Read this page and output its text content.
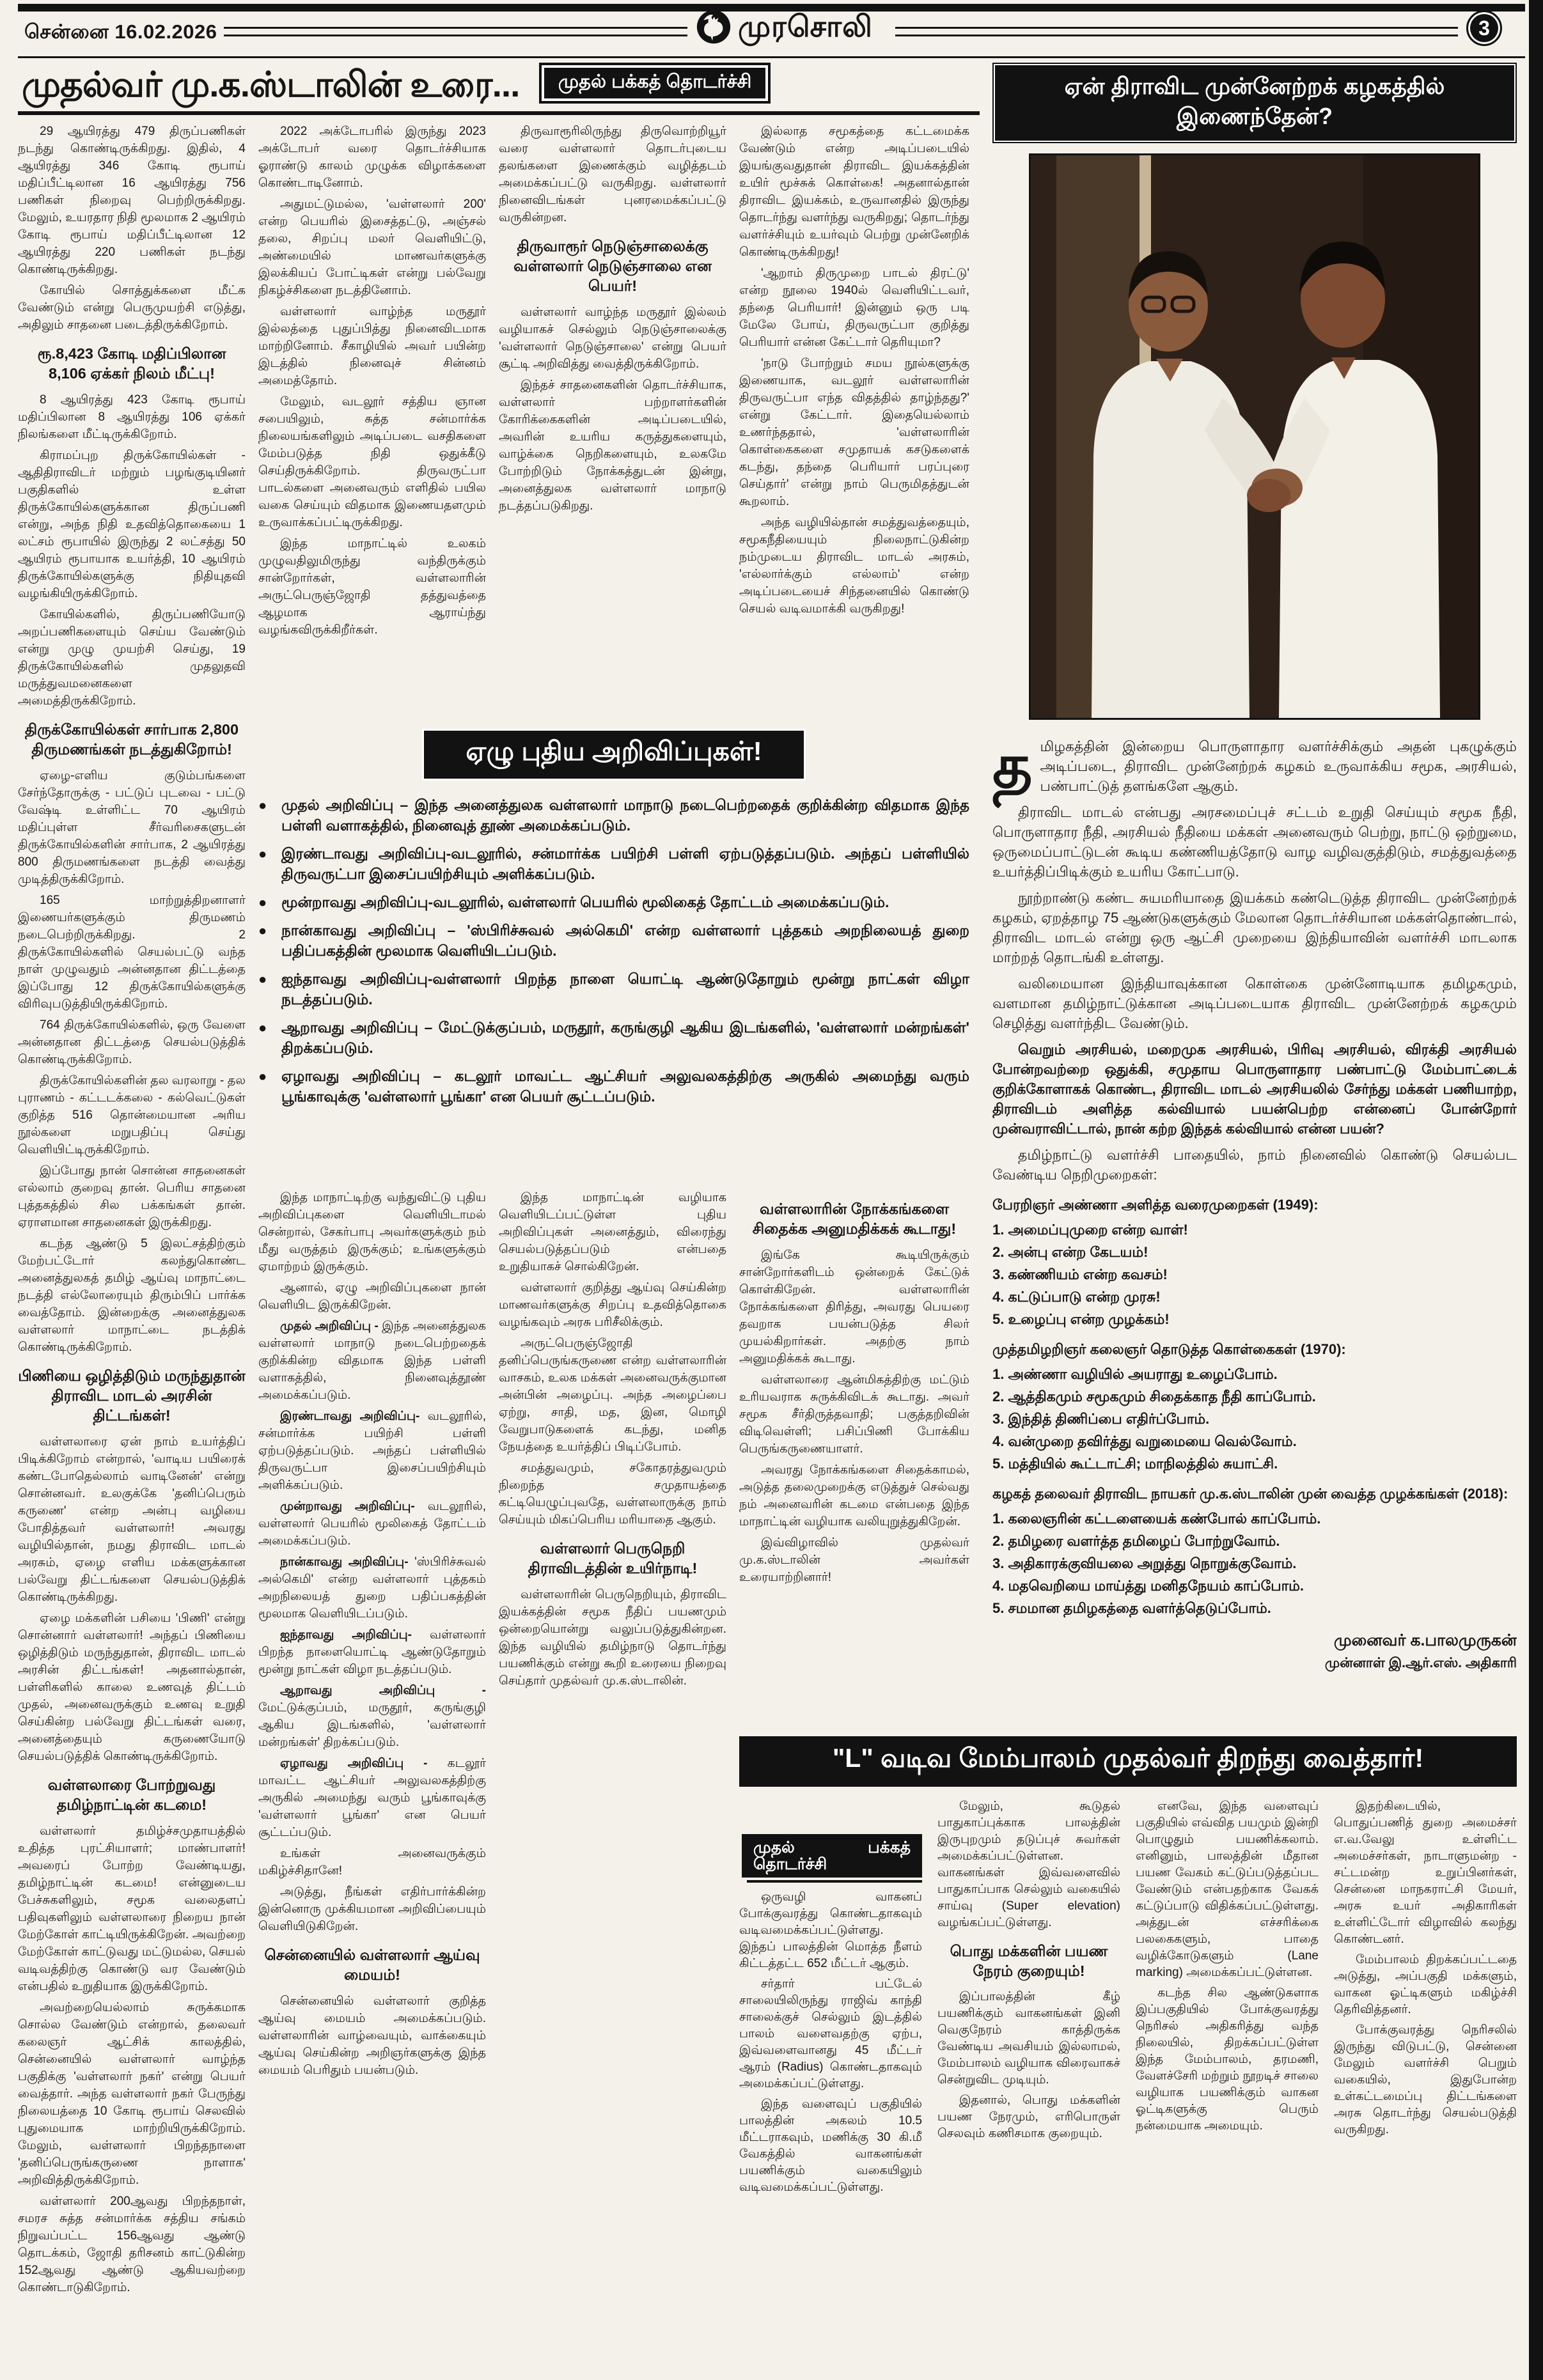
சென்னை 16.02.2026	முரசொலி	3
முதல்வர் மு.க.ஸ்டாலின் உரை... முதல் பக்கத் தொடர்ச்சி
29 ஆயிரத்து 479 திருப்பணிகள் நடந்து கொண்டிருக்கிறது. இதில், 4 ஆயிரத்து 346 கோடி ரூபாய் மதிப்பீட்டிலான 16 ஆயிரத்து 756 பணிகள் நிறைவு பெற்றிருக்கிறது. மேலும், உயரதார நிதி மூலமாக 2 ஆயிரம் கோடி ரூபாய் மதிப்பீட்டிலான 12 ஆயிரத்து 220 பணிகள் நடந்து கொண்டிருக்கிறது.
கோயில் சொத்துக்களை மீட்க வேண்டும் என்று பெருமுயற்சி எடுத்து, அதிலும் சாதனை படைத்திருக்கிறோம்.
ரூ.8,423 கோடி மதிப்பிலான 8,106 ஏக்கர் நிலம் மீட்பு!
8 ஆயிரத்து 423 கோடி ரூபாய் மதிப்பிலான 8 ஆயிரத்து 106 ஏக்கர் நிலங்களை மீட்டிருக்கிறோம்.
கிராமப்புற திருக்கோயில்கள் - ஆதிதிராவிடர் மற்றும் பழங்குடியினர் பகுதிகளில் உள்ள திருக்கோயில்களுக்கான திருப்பணி என்று, அந்த நிதி உதவித்தொகையை 1 லட்சம் ரூபாயில் இருந்து 2 லட்சத்து 50 ஆயிரம் ரூபாயாக உயர்த்தி, 10 ஆயிரம் திருக்கோயில்களுக்கு நிதியுதவி வழங்கியிருக்கிறோம்.
கோயில்களில், திருப்பணியோடு அறப்பணிகளையும் செய்ய வேண்டும் என்று முழு முயற்சி செய்து, 19 திருக்கோயில்களில் முதலுதவி மருத்துவமனைகளை அமைத்திருக்கிறோம்.
திருக்கோயில்கள் சார்பாக 2,800 திருமணங்கள் நடத்துகிறோம்!
ஏழை-எளிய குடும்பங்களை சேர்ந்தோருக்கு - பட்டுப் புடவை - பட்டு வேஷ்டி உள்ளிட்ட 70 ஆயிரம் மதிப்புள்ள சீர்வரிசைகளுடன் திருக்கோயில்களின் சார்பாக, 2 ஆயிரத்து 800 திருமணங்களை நடத்தி வைத்து முடித்திருக்கிறோம்.
165 மாற்றுத்திறனாளர் இணையர்களுக்கும் திருமணம் நடைபெற்றிருக்கிறது. 2 திருக்கோயில்களில் செயல்பட்டு வந்த நாள் முழுவதும் அன்னதான திட்டத்தை இப்போது 12 திருக்கோயில்களுக்கு விரிவுபடுத்தியிருக்கிறோம்.
764 திருக்கோயில்களில், ஒரு வேளை அன்னதான திட்டத்தை செயல்படுத்திக் கொண்டிருக்கிறோம்.
திருக்கோயில்களின் தல வரலாறு - தல புராணம் - கட்டடக்கலை - கல்வெட்டுகள் குறித்த 516 தொன்மையான அரிய நூல்களை மறுபதிப்பு செய்து வெளியிட்டிருக்கிறோம்.
இப்போது நான் சொன்ன சாதனைகள் எல்லாம் குறைவு தான். பெரிய சாதனை புத்தகத்தில் சில பக்கங்கள் தான். ஏராளமான சாதனைகள் இருக்கிறது.
கடந்த ஆண்டு 5 இலட்சத்திற்கும் மேற்பட்டோர் கலந்துகொண்ட அனைத்துலகத் தமிழ் ஆய்வு மாநாட்டை நடத்தி எல்லோரையும் திரும்பிப் பார்க்க வைத்தோம். இன்றைக்கு அனைத்துலக வள்ளலார் மாநாட்டை நடத்திக் கொண்டிருக்கிறோம்.
பிணியை ஒழித்திடும் மருந்துதான் திராவிட மாடல் அரசின் திட்டங்கள்!
வள்ளலாரை ஏன் நாம் உயர்த்திப் பிடிக்கிறோம் என்றால், 'வாடிய பயிரைக் கண்டபோதெல்லாம் வாடினேன்' என்று சொன்னவர். உலகுக்கே 'தனிப்பெரும் கருணை' என்ற அன்பு வழியை போதித்தவர் வள்ளலார்! அவரது வழியில்தான், நமது திராவிட மாடல் அரசும், ஏழை எளிய மக்களுக்கான பல்வேறு திட்டங்களை செயல்படுத்திக் கொண்டிருக்கிறது.
ஏழை மக்களின் பசியை 'பிணி' என்று சொன்னார் வள்ளலார்! அந்தப் பிணியை ஒழித்திடும் மருந்துதான், திராவிட மாடல் அரசின் திட்டங்கள்! அதனால்தான், பள்ளிகளில் காலை உணவுத் திட்டம் முதல், அனைவருக்கும் உணவு உறுதி செய்கின்ற பல்வேறு திட்டங்கள் வரை, அனைத்தையும் கருணையோடு செயல்படுத்திக் கொண்டிருக்கிறோம்.
வள்ளலாரை போற்றுவது தமிழ்நாட்டின் கடமை!
வள்ளலார் தமிழ்ச்சமுதாயத்தில் உதித்த புரட்சியாளர்; மாண்பாளர்! அவரைப் போற்ற வேண்டியது, தமிழ்நாட்டின் கடமை! என்னுடைய பேச்சுகளிலும், சமூக வலைதளப் பதிவுகளிலும் வள்ளலாரை நிறைய நான் மேற்கோள் காட்டியிருக்கிறேன். அவற்றை மேற்கோள் காட்டுவது மட்டுமல்ல, செயல் வடிவத்திற்கு கொண்டு வர வேண்டும் என்பதில் உறுதியாக இருக்கிறோம்.
அவற்றையெல்லாம் சுருக்கமாக சொல்ல வேண்டும் என்றால், தலைவர் கலைஞர் ஆட்சிக் காலத்தில், சென்னையில் வள்ளலார் வாழ்ந்த பகுதிக்கு 'வள்ளலார் நகர்' என்று பெயர் வைத்தார். அந்த வள்ளலார் நகர் பேருந்து நிலையத்தை 10 கோடி ரூபாய் செலவில் புதுமையாக மாற்றியிருக்கிறோம். மேலும், வள்ளலார் பிறந்தநாளை 'தனிப்பெருங்கருணை நாளாக' அறிவித்திருக்கிறோம்.
வள்ளலார் 200ஆவது பிறந்தநாள், சமரச சுத்த சன்மார்க்க சத்திய சங்கம் நிறுவப்பட்ட 156ஆவது ஆண்டு தொடக்கம், ஜோதி தரிசனம் காட்டுகின்ற 152ஆவது ஆண்டு ஆகியவற்றை கொண்டாடுகிறோம்.
2022 அக்டோபரில் இருந்து 2023 அக்டோபர் வரை தொடர்ச்சியாக ஓராண்டு காலம் முழுக்க விழாக்களை கொண்டாடினோம்.
அதுமட்டுமல்ல, 'வள்ளலார் 200' என்ற பெயரில் இசைத்தட்டு, அஞ்சல் தலை, சிறப்பு மலர் வெளியிட்டு, அண்மையில் மாணவர்களுக்கு இலக்கியப் போட்டிகள் என்று பல்வேறு நிகழ்ச்சிகளை நடத்தினோம்.
வள்ளலார் வாழ்ந்த மருதூர் இல்லத்தை புதுப்பித்து நினைவிடமாக மாற்றினோம். சீகாழியில் அவர் பயின்ற இடத்தில் நினைவுச் சின்னம் அமைத்தோம்.
மேலும், வடலூர் சத்திய ஞான சபையிலும், சுத்த சன்மார்க்க நிலையங்களிலும் அடிப்படை வசதிகளை மேம்படுத்த நிதி ஒதுக்கீடு செய்திருக்கிறோம். திருவருட்பா பாடல்களை அனைவரும் எளிதில் பயில வகை செய்யும் விதமாக இணையதளமும் உருவாக்கப்பட்டிருக்கிறது.
இந்த மாநாட்டில் உலகம் முழுவதிலுமிருந்து வந்திருக்கும் சான்றோர்கள், வள்ளலாரின் அருட்பெருஞ்ஜோதி தத்துவத்தை ஆழமாக ஆராய்ந்து வழங்கவிருக்கிறீர்கள்.
திருவாரூரிலிருந்து திருவொற்றியூர் வரை வள்ளலார் தொடர்புடைய தலங்களை இணைக்கும் வழித்தடம் அமைக்கப்பட்டு வருகிறது. வள்ளலார் நினைவிடங்கள் புனரமைக்கப்பட்டு வருகின்றன.
திருவாரூர் நெடுஞ்சாலைக்கு வள்ளலார் நெடுஞ்சாலை என பெயர்!
வள்ளலார் வாழ்ந்த மருதூர் இல்லம் வழியாகச் செல்லும் நெடுஞ்சாலைக்கு 'வள்ளலார் நெடுஞ்சாலை' என்று பெயர் சூட்டி அறிவித்து வைத்திருக்கிறோம்.
இந்தச் சாதனைகளின் தொடர்ச்சியாக, வள்ளலார் பற்றாளர்களின் கோரிக்கைகளின் அடிப்படையில், அவரின் உயரிய கருத்துகளையும், வாழ்க்கை நெறிகளையும், உலகமே போற்றிடும் நோக்கத்துடன் இன்று, அனைத்துலக வள்ளலார் மாநாடு நடத்தப்படுகிறது.
இல்லாத சமூகத்தை கட்டமைக்க வேண்டும் என்ற அடிப்படையில் இயங்குவதுதான் திராவிட இயக்கத்தின் உயிர் மூச்சுக் கொள்கை! அதனால்தான் திராவிட இயக்கம், உருவானதில் இருந்து தொடர்ந்து வளர்ந்து வருகிறது; தொடர்ந்து வளர்ச்சியும் உயர்வும் பெற்று முன்னேறிக் கொண்டிருக்கிறது!
'ஆறாம் திருமுறை பாடல் திரட்டு' என்ற நூலை 1940ல் வெளியிட்டவர், தந்தை பெரியார்! இன்னும் ஒரு படி மேலே போய், திருவருட்பா குறித்து பெரியார் என்ன கேட்டார் தெரியுமா?
'நாடு போற்றும் சமய நூல்களுக்கு இணையாக, வடலூர் வள்ளலாரின் திருவருட்பா எந்த விதத்தில் தாழ்ந்தது?' என்று கேட்டார். இதையெல்லாம் உணர்ந்ததால், 'வள்ளலாரின் கொள்கைகளை சமுதாயக் கசடுகளைக் கடந்து, தந்தை பெரியார் பரப்புரை செய்தார்' என்று நாம் பெருமிதத்துடன் கூறலாம்.
அந்த வழியில்தான் சமத்துவத்தையும், சமூகநீதியையும் நிலைநாட்டுகின்ற நம்முடைய திராவிட மாடல் அரசும், 'எல்லார்க்கும் எல்லாம்' என்ற அடிப்படையைச் சிந்தனையில் கொண்டு செயல் வடிவமாக்கி வருகிறது!
ஏழு புதிய அறிவிப்புகள்!
● முதல் அறிவிப்பு – இந்த அனைத்துலக வள்ளலார் மாநாடு நடைபெற்றதைக் குறிக்கின்ற விதமாக இந்த பள்ளி வளாகத்தில், நினைவுத் தூண் அமைக்கப்படும்.
● இரண்டாவது அறிவிப்பு-வடலூரில், சன்மார்க்க பயிற்சி பள்ளி ஏற்படுத்தப்படும். அந்தப் பள்ளியில் திருவருட்பா இசைப்பயிற்சியும் அளிக்கப்படும்.
● மூன்றாவது அறிவிப்பு-வடலூரில், வள்ளலார் பெயரில் மூலிகைத் தோட்டம் அமைக்கப்படும்.
● நான்காவது அறிவிப்பு – 'ஸ்பிரிச்சுவல் அல்கெமி' என்ற வள்ளலார் புத்தகம் அறநிலையத் துறை பதிப்பகத்தின் மூலமாக வெளியிடப்படும்.
● ஐந்தாவது அறிவிப்பு-வள்ளலார் பிறந்த நாளை யொட்டி ஆண்டுதோறும் மூன்று நாட்கள் விழா நடத்தப்படும்.
● ஆறாவது அறிவிப்பு – மேட்டுக்குப்பம், மருதூர், கருங்குழி ஆகிய இடங்களில், 'வள்ளலார் மன்றங்கள்' திறக்கப்படும்.
● ஏழாவது அறிவிப்பு – கடலூர் மாவட்ட ஆட்சியர் அலுவலகத்திற்கு அருகில் அமைந்து வரும் பூங்காவுக்கு 'வள்ளலார் பூங்கா' என பெயர் சூட்டப்படும்.
இந்த மாநாட்டிற்கு வந்துவிட்டு புதிய அறிவிப்புகளை வெளியிடாமல் சென்றால், சேகர்பாபு அவர்களுக்கும் நம் மீது வருத்தம் இருக்கும்; உங்களுக்கும் ஏமாற்றம் இருக்கும்.
ஆனால், ஏழு அறிவிப்புகளை நான் வெளியிட இருக்கிறேன்.
முதல் அறிவிப்பு - இந்த அனைத்துலக வள்ளலார் மாநாடு நடைபெற்றதைக் குறிக்கின்ற விதமாக இந்த பள்ளி வளாகத்தில், நினைவுத்தூண் அமைக்கப்படும்.
இரண்டாவது அறிவிப்பு- வடலூரில், சன்மார்க்க பயிற்சி பள்ளி ஏற்படுத்தப்படும். அந்தப் பள்ளியில் திருவருட்பா இசைப்பயிற்சியும் அளிக்கப்படும்.
முன்றாவது அறிவிப்பு- வடலூரில், வள்ளலார் பெயரில் மூலிகைத் தோட்டம் அமைக்கப்படும்.
நான்காவது அறிவிப்பு- 'ஸ்பிரிச்சுவல் அல்கெமி' என்ற வள்ளலார் புத்தகம் அறநிலையத் துறை பதிப்பகத்தின் மூலமாக வெளியிடப்படும்.
ஐந்தாவது அறிவிப்பு- வள்ளலார் பிறந்த நாளையொட்டி ஆண்டுதோறும் மூன்று நாட்கள் விழா நடத்தப்படும்.
ஆறாவது அறிவிப்பு - மேட்டுக்குப்பம், மருதூர், கருங்குழி ஆகிய இடங்களில், 'வள்ளலார் மன்றங்கள்' திறக்கப்படும்.
ஏழாவது அறிவிப்பு - கடலூர் மாவட்ட ஆட்சியர் அலுவலகத்திற்கு அருகில் அமைந்து வரும் பூங்காவுக்கு 'வள்ளலார் பூங்கா' என பெயர் சூட்டப்படும்.
உங்கள் அனைவருக்கும் மகிழ்ச்சிதானே!
அடுத்து, நீங்கள் எதிர்பார்க்கின்ற இன்னொரு முக்கியமான அறிவிப்பையும் வெளியிடுகிறேன்.
சென்னையில் வள்ளலார் ஆய்வு மையம்!
சென்னையில் வள்ளலார் குறித்த ஆய்வு மையம் அமைக்கப்படும். வள்ளலாரின் வாழ்வையும், வாக்கையும் ஆய்வு செய்கின்ற அறிஞர்களுக்கு இந்த மையம் பெரிதும் பயன்படும்.
இந்த மாநாட்டின் வழியாக வெளியிடப்பட்டுள்ள புதிய அறிவிப்புகள் அனைத்தும், விரைந்து செயல்படுத்தப்படும் என்பதை உறுதியாகச் சொல்கிறேன்.
வள்ளலார் குறித்து ஆய்வு செய்கின்ற மாணவர்களுக்கு சிறப்பு உதவித்தொகை வழங்கவும் அரசு பரிசீலிக்கும்.
அருட்பெருஞ்ஜோதி தனிப்பெருங்கருணை என்ற வள்ளலாரின் வாசகம், உலக மக்கள் அனைவருக்குமான அன்பின் அழைப்பு. அந்த அழைப்பை ஏற்று, சாதி, மத, இன, மொழி வேறுபாடுகளைக் கடந்து, மனித நேயத்தை உயர்த்திப் பிடிப்போம்.
சமத்துவமும், சகோதரத்துவமும் நிறைந்த சமுதாயத்தை கட்டியெழுப்புவதே, வள்ளலாருக்கு நாம் செய்யும் மிகப்பெரிய மரியாதை ஆகும்.
வள்ளலார் பெருநெறி திராவிடத்தின் உயிர்நாடி!
வள்ளலாரின் பெருநெறியும், திராவிட இயக்கத்தின் சமூக நீதிப் பயணமும் ஒன்றையொன்று வலுப்படுத்துகின்றன. இந்த வழியில் தமிழ்நாடு தொடர்ந்து பயணிக்கும் என்று கூறி உரையை நிறைவு செய்தார் முதல்வர் மு.க.ஸ்டாலின்.
வள்ளலாரின் நோக்கங்களை சிதைக்க அனுமதிக்கக் கூடாது!
இங்கே கூடியிருக்கும் சான்றோர்களிடம் ஒன்றைக் கேட்டுக் கொள்கிறேன். வள்ளலாரின் நோக்கங்களை திரித்து, அவரது பெயரை தவறாக பயன்படுத்த சிலர் முயல்கிறார்கள். அதற்கு நாம் அனுமதிக்கக் கூடாது.
வள்ளலாரை ஆன்மிகத்திற்கு மட்டும் உரியவராக சுருக்கிவிடக் கூடாது. அவர் சமூக சீர்திருத்தவாதி; பகுத்தறிவின் விடிவெள்ளி; பசிப்பிணி போக்கிய பெருங்கருணையாளர்.
அவரது நோக்கங்களை சிதைக்காமல், அடுத்த தலைமுறைக்கு எடுத்துச் செல்வது நம் அனைவரின் கடமை என்பதை இந்த மாநாட்டின் வழியாக வலியுறுத்துகிறேன்.
இவ்விழாவில் முதல்வர் மு.க.ஸ்டாலின் அவர்கள் உரையாற்றினார்!
ஏன் திராவிட முன்னேற்றக் கழகத்தில் இணைந்தேன்?

தமிழகத்தின் இன்றைய பொருளாதார வளர்ச்சிக்கும் அதன் புகழுக்கும் அடிப்படை, திராவிட முன்னேற்றக் கழகம் உருவாக்கிய சமூக, அரசியல், பண்பாட்டுத் தளங்களே ஆகும்.

திராவிட மாடல் என்பது அரசமைப்புச் சட்டம் உறுதி செய்யும் சமூக நீதி, பொருளாதார நீதி, அரசியல் நீதியை மக்கள் அனைவரும் பெற்று, நாட்டு ஒற்றுமை, ஒருமைப்பாட்டுடன் கூடிய கண்ணியத்தோடு வாழ வழிவகுத்திடும், சமத்துவத்தை உயர்த்திப்பிடிக்கும் உயரிய கோட்பாடு.
நூற்றாண்டு கண்ட சுயமரியாதை இயக்கம் கண்டெடுத்த திராவிட முன்னேற்றக் கழகம், ஏறத்தாழ 75 ஆண்டுகளுக்கும் மேலான தொடர்ச்சியான மக்கள்தொண்டால், திராவிட மாடல் என்று ஒரு ஆட்சி முறையை இந்தியாவின் வளர்ச்சி மாடலாக மாற்றத் தொடங்கி உள்ளது.
வலிமையான இந்தியாவுக்கான கொள்கை முன்னோடியாக தமிழகமும், வளமான தமிழ்நாட்டுக்கான அடிப்படையாக திராவிட முன்னேற்றக் கழகமும் செழித்து வளர்ந்திட வேண்டும்.
வெறும் அரசியல், மறைமுக அரசியல், பிரிவு அரசியல், விரக்தி அரசியல் போன்றவற்றை ஒதுக்கி, சமுதாய பொருளாதார பண்பாட்டு மேம்பாட்டைக் குறிக்கோளாகக் கொண்ட, திராவிட மாடல் அரசியலில் சேர்ந்து மக்கள் பணியாற்ற, திராவிடம் அளித்த கல்வியால் பயன்பெற்ற என்னைப் போன்றோர் முன்வராவிட்டால், நான் கற்ற இந்தக் கல்வியால் என்ன பயன்?
தமிழ்நாட்டு வளர்ச்சி பாதையில், நாம் நினைவில் கொண்டு செயல்பட வேண்டிய நெறிமுறைகள்:
பேரறிஞர் அண்ணா அளித்த வரைமுறைகள் (1949):
1. அமைப்புமுறை என்ற வாள்!
2. அன்பு என்ற கேடயம்!
3. கண்ணியம் என்ற கவசம்!
4. கட்டுப்பாடு என்ற முரசு!
5. உழைப்பு என்ற முழக்கம்!
முத்தமிழறிஞர் கலைஞர் தொடுத்த கொள்கைகள் (1970):
1. அண்ணா வழியில் அயராது உழைப்போம்.
2. ஆத்திகமும் சமூகமும் சிதைக்காத நீதி காப்போம்.
3. இந்தித் திணிப்பை எதிர்ப்போம்.
4. வன்முறை தவிர்த்து வறுமையை வெல்வோம்.
5. மத்தியில் கூட்டாட்சி; மாநிலத்தில் சுயாட்சி.
கழகத் தலைவர் திராவிட நாயகர் மு.க.ஸ்டாலின் முன் வைத்த முழக்கங்கள் (2018):
1. கலைஞரின் கட்டளையைக் கண்போல் காப்போம்.
2. தமிழரை வளர்த்த தமிழைப் போற்றுவோம்.
3. அதிகாரக்குவியலை அறுத்து நொறுக்குவோம்.
4. மதவெறியை மாய்த்து மனிதநேயம் காப்போம்.
5. சமமான தமிழகத்தை வளர்த்தெடுப்போம்.
முனைவர் க.பாலமுருகன்
முன்னாள் இ.ஆர்.எஸ். அதிகாரி
"L" வடிவ மேம்பாலம் முதல்வர் திறந்து வைத்தார்!
முதல் பக்கத் தொடர்ச்சி
ஒருவழி வாகனப் போக்குவரத்து கொண்டதாகவும் வடிவமைக்கப்பட்டுள்ளது. இந்தப் பாலத்தின் மொத்த நீளம் கிட்டத்தட்ட 652 மீட்டர் ஆகும்.
சர்தார் பட்டேல் சாலையிலிருந்து ராஜிவ் காந்தி சாலைக்குச் செல்லும் இடத்தில் பாலம் வளைவதற்கு ஏற்ப, இவ்வளைவானது 45 மீட்டர் ஆரம் (Radius) கொண்டதாகவும் அமைக்கப்பட்டுள்ளது.
இந்த வளைவுப் பகுதியில் பாலத்தின் அகலம் 10.5 மீட்டராகவும், மணிக்கு 30 கி.மீ வேகத்தில் வாகனங்கள் பயணிக்கும் வகையிலும் வடிவமைக்கப்பட்டுள்ளது.
மேலும், கூடுதல் பாதுகாப்புக்காக பாலத்தின் இருபுறமும் தடுப்புச் சுவர்கள் அமைக்கப்பட்டுள்ளன. வாகனங்கள் இவ்வளைவில் பாதுகாப்பாக செல்லும் வகையில் சாய்வு (Super elevation) வழங்கப்பட்டுள்ளது.
பொது மக்களின் பயண நேரம் குறையும்!
இப்பாலத்தின் கீழ் பயணிக்கும் வாகனங்கள் இனி வெகுநேரம் காத்திருக்க வேண்டிய அவசியம் இல்லாமல், மேம்பாலம் வழியாக விரைவாகச் சென்றுவிட முடியும்.
இதனால், பொது மக்களின் பயண நேரமும், எரிபொருள் செலவும் கணிசமாக குறையும்.
எனவே, இந்த வளைவுப் பகுதியில் எவ்வித பயமும் இன்றி பொழுதும் பயணிக்கலாம். எனினும், பாலத்தின் மீதான பயண வேகம் கட்டுப்படுத்தப்பட வேண்டும் என்பதற்காக வேகக் கட்டுப்பாடு விதிக்கப்பட்டுள்ளது. அத்துடன் எச்சரிக்கை பலகைகளும், பாதை வழிக்கோடுகளும் (Lane marking) அமைக்கப்பட்டுள்ளன.
கடந்த சில ஆண்டுகளாக இப்பகுதியில் போக்குவரத்து நெரிசல் அதிகரித்து வந்த நிலையில், திறக்கப்பட்டுள்ள இந்த மேம்பாலம், தரமணி, வேளச்சேரி மற்றும் நூறடிச் சாலை வழியாக பயணிக்கும் வாகன ஓட்டிகளுக்கு பெரும் நன்மையாக அமையும்.
இதற்கிடையில், பொதுப்பணித் துறை அமைச்சர் எ.வ.வேலு உள்ளிட்ட அமைச்சர்கள், நாடாளுமன்ற - சட்டமன்ற உறுப்பினர்கள், சென்னை மாநகராட்சி மேயர், அரசு உயர் அதிகாரிகள் உள்ளிட்டோர் விழாவில் கலந்து கொண்டனர்.
மேம்பாலம் திறக்கப்பட்டதை அடுத்து, அப்பகுதி மக்களும், வாகன ஓட்டிகளும் மகிழ்ச்சி தெரிவித்தனர்.
போக்குவரத்து நெரிசலில் இருந்து விடுபட்டு, சென்னை மேலும் வளர்ச்சி பெறும் வகையில், இதுபோன்ற உள்கட்டமைப்பு திட்டங்களை அரசு தொடர்ந்து செயல்படுத்தி வருகிறது.
